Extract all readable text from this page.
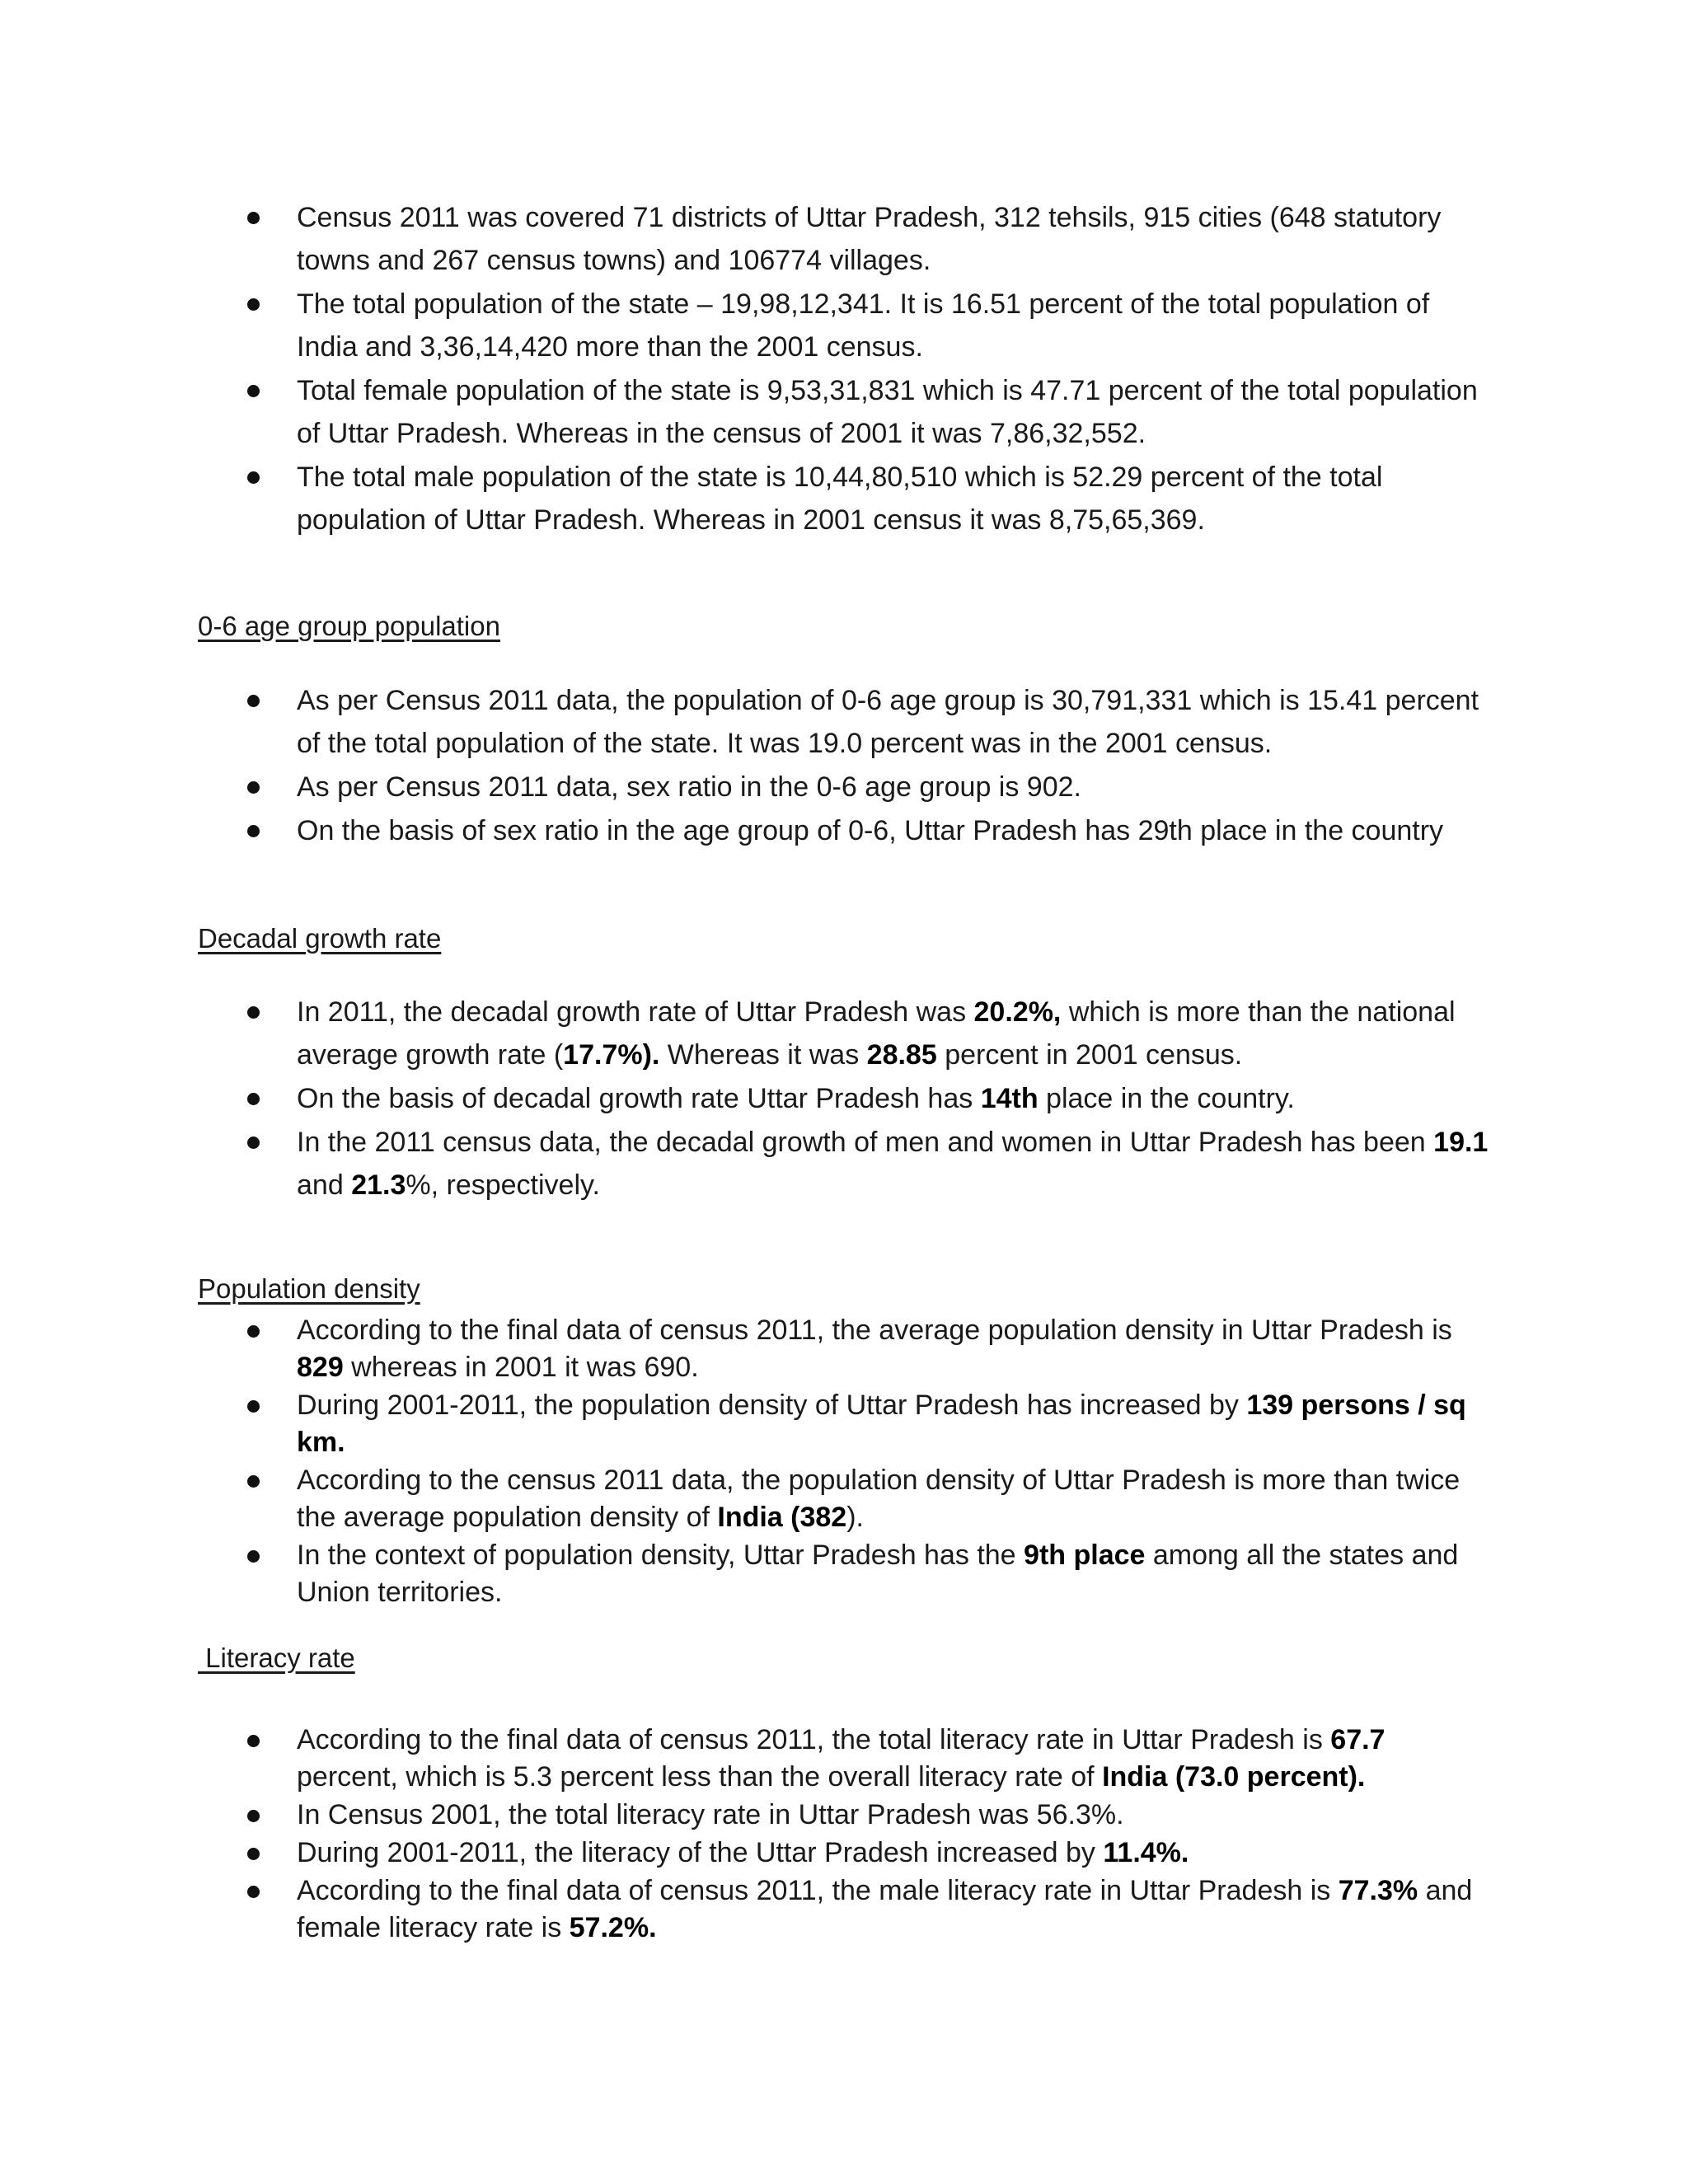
Census 2011 was covered 71 districts of Uttar Pradesh, 312 tehsils, 915 cities (648 statutory towns and 267 census towns) and 106774 villages.
The total population of the state – 19,98,12,341. It is 16.51 percent of the total population of India and 3,36,14,420 more than the 2001 census.
Total female population of the state is 9,53,31,831 which is 47.71 percent of the total population of Uttar Pradesh. Whereas in the census of 2001 it was 7,86,32,552.
The total male population of the state is 10,44,80,510 which is 52.29 percent of the total population of Uttar Pradesh. Whereas in 2001 census it was 8,75,65,369.
0-6 age group population
As per Census 2011 data, the population of 0-6 age group is 30,791,331 which is 15.41 percent of the total population of the state. It was 19.0 percent was in the 2001 census.
As per Census 2011 data, sex ratio in the 0-6 age group is 902.
On the basis of sex ratio in the age group of 0-6, Uttar Pradesh has 29th place in the country
Decadal growth rate
In 2011, the decadal growth rate of Uttar Pradesh was 20.2%, which is more than the national average growth rate (17.7%). Whereas it was 28.85 percent in 2001 census.
On the basis of decadal growth rate Uttar Pradesh has 14th place in the country.
In the 2011 census data, the decadal growth of men and women in Uttar Pradesh has been 19.1 and 21.3%, respectively.
Population density
According to the final data of census 2011, the average population density in Uttar Pradesh is 829 whereas in 2001 it was 690.
During 2001-2011, the population density of Uttar Pradesh has increased by 139 persons / sq km.
According to the census 2011 data, the population density of Uttar Pradesh is more than twice the average population density of India (382).
In the context of population density, Uttar Pradesh has the 9th place among all the states and Union territories.
Literacy rate
According to the final data of census 2011, the total literacy rate in Uttar Pradesh is 67.7 percent, which is 5.3 percent less than the overall literacy rate of India (73.0 percent).
In Census 2001, the total literacy rate in Uttar Pradesh was 56.3%.
During 2001-2011, the literacy of the Uttar Pradesh increased by 11.4%.
According to the final data of census 2011, the male literacy rate in Uttar Pradesh is 77.3% and female literacy rate is 57.2%.
